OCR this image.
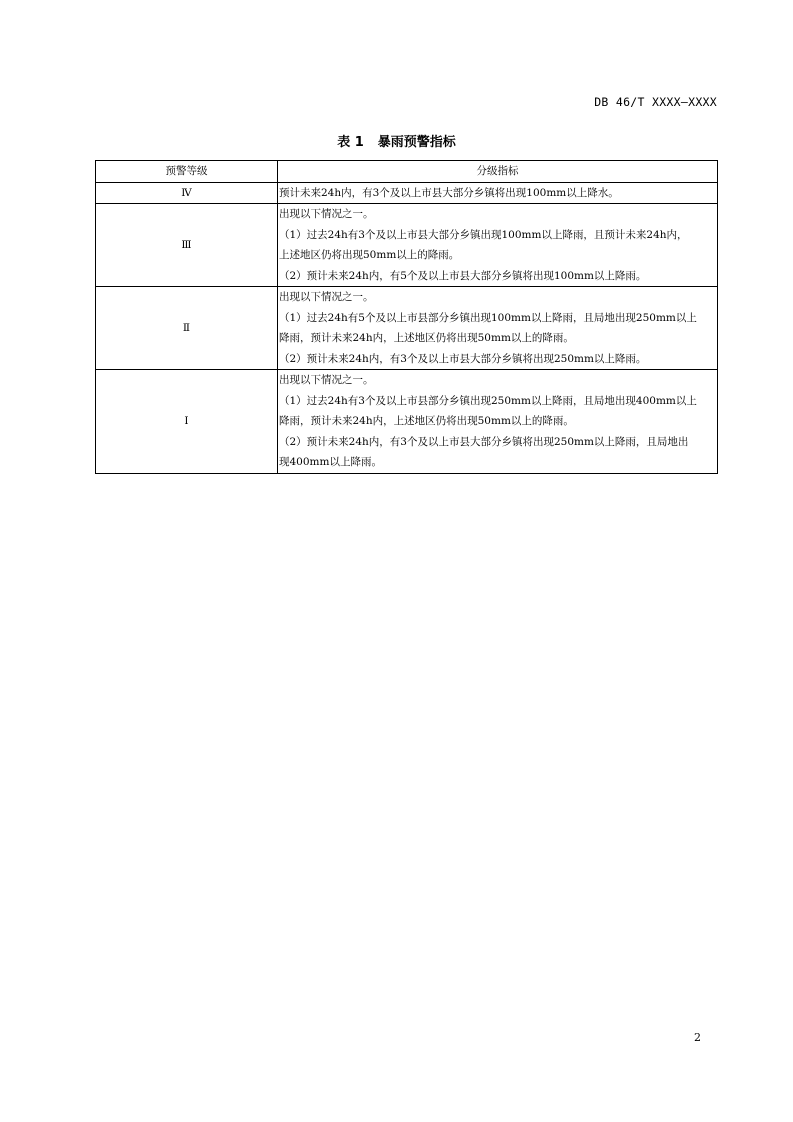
DB 46/T XXXX—XXXX
表 1 暴雨预警指标
预警等级	分级指标
Ⅳ	预计未来24h内，有3个及以上市县大部分乡镇将出现100mm以上降水。

Ⅲ	出现以下情况之一。
（1）过去24h有3个及以上市县大部分乡镇出现100mm以上降雨，且预计未来24h内，
上述地区仍将出现50mm以上的降雨。
（2）预计未来24h内，有5个及以上市县大部分乡镇将出现100mm以上降雨。

Ⅱ	出现以下情况之一。
（1）过去24h有5个及以上市县部分乡镇出现100mm以上降雨，且局地出现250mm以上
降雨，预计未来24h内，上述地区仍将出现50mm以上的降雨。
（2）预计未来24h内，有3个及以上市县大部分乡镇将出现250mm以上降雨。

Ⅰ	出现以下情况之一。
（1）过去24h有3个及以上市县部分乡镇出现250mm以上降雨，且局地出现400mm以上
降雨，预计未来24h内，上述地区仍将出现50mm以上的降雨。
（2）预计未来24h内，有3个及以上市县大部分乡镇将出现250mm以上降雨，且局地出
现400mm以上降雨。
2
